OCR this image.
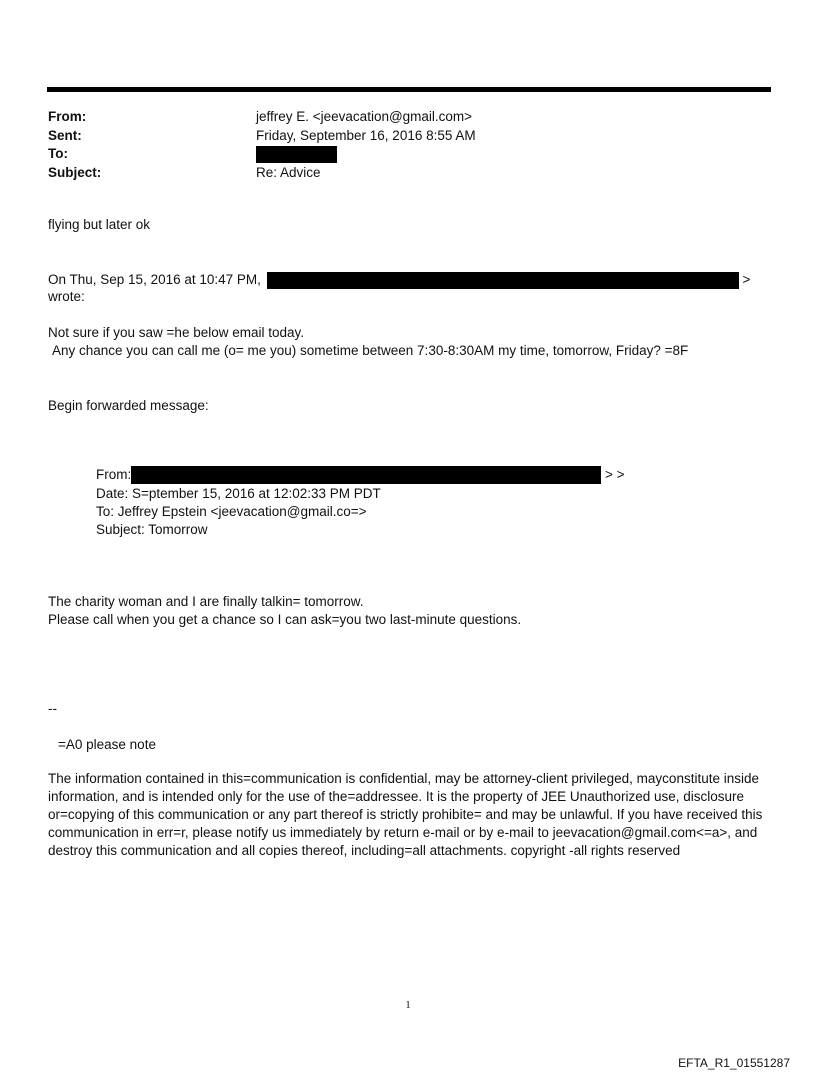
From:	jeffrey E. <jeevacation@gmail.com>
Sent:	Friday, September 16, 2016 8:55 AM
To:
Subject:	Re: Advice
flying but later ok
On Thu, Sep 15, 2016 at 10:47 PM,	>
wrote:
Not sure if you saw =he below email today.
Any chance you can call me (o= me you) sometime between 7:30-8:30AM my time, tomorrow, Friday? =8F
Begin forwarded message:
From:	> >
Date: S=ptember 15, 2016 at 12:02:33 PM PDT
To: Jeffrey Epstein <jeevacation@gmail.co=>
Subject: Tomorrow
The charity woman and I are finally talkin= tomorrow.
Please call when you get a chance so I can ask=you two last-minute questions.
--
=A0 please note
The information contained in this=communication is confidential, may be attorney-client privileged, mayconstitute inside information, and is intended only for the use of the=addressee. It is the property of JEE Unauthorized use, disclosure or=copying of this communication or any part thereof is strictly prohibite= and may be unlawful. If you have received this communication in err=r, please notify us immediately by return e-mail or by e-mail to jeevacation@gmail.com<=a>, and destroy this communication and all copies thereof, including=all attachments. copyright -all rights reserved
1
EFTA_R1_01551287
